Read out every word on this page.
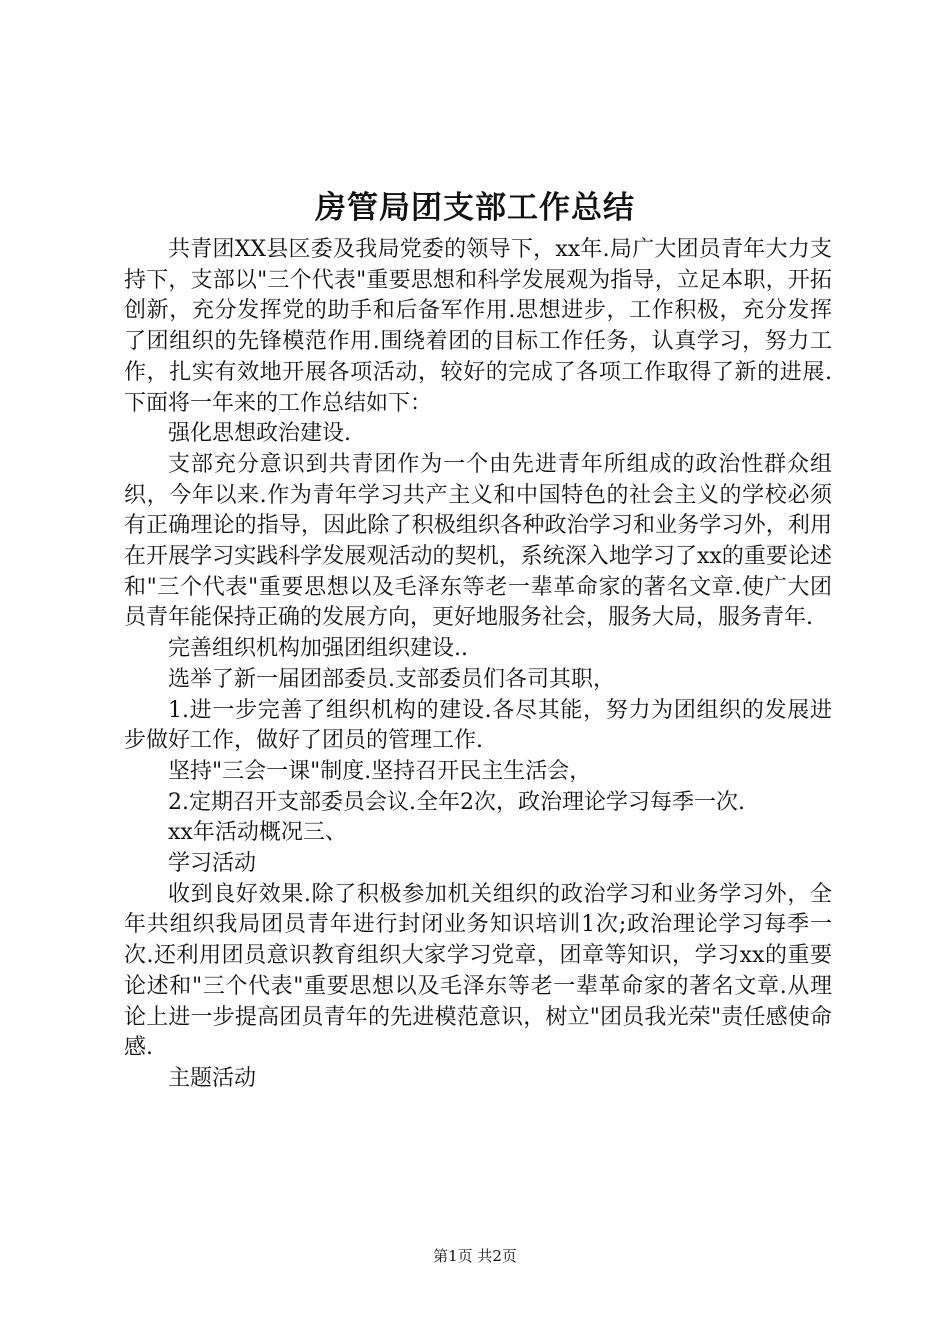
房管局团支部工作总结

共青团XX县区委及我局党委的领导下，xx年.局广大团员青年大力支持下，支部以"三个代表"重要思想和科学发展观为指导，立足本职，开拓创新，充分发挥党的助手和后备军作用.思想进步，工作积极，充分发挥了团组织的先锋模范作用.围绕着团的目标工作任务，认真学习，努力工作，扎实有效地开展各项活动，较好的完成了各项工作取得了新的进展.下面将一年来的工作总结如下：

强化思想政治建设.

支部充分意识到共青团作为一个由先进青年所组成的政治性群众组织，今年以来.作为青年学习共产主义和中国特色的社会主义的学校必须有正确理论的指导，因此除了积极组织各种政治学习和业务学习外，利用在开展学习实践科学发展观活动的契机，系统深入地学习了xx的重要论述和"三个代表"重要思想以及毛泽东等老一辈革命家的著名文章.使广大团员青年能保持正确的发展方向，更好地服务社会，服务大局，服务青年.

完善组织机构加强团组织建设..

选举了新一届团部委员.支部委员们各司其职，

1.进一步完善了组织机构的建设.各尽其能，努力为团组织的发展进步做好工作，做好了团员的管理工作.

坚持"三会一课"制度.坚持召开民主生活会，

2.定期召开支部委员会议.全年2次，政治理论学习每季一次.

xx年活动概况三、

学习活动

收到良好效果.除了积极参加机关组织的政治学习和业务学习外，全年共组织我局团员青年进行封闭业务知识培训1次;政治理论学习每季一次.还利用团员意识教育组织大家学习党章，团章等知识，学习xx的重要论述和"三个代表"重要思想以及毛泽东等老一辈革命家的著名文章.从理论上进一步提高团员青年的先进模范意识，树立"团员我光荣"责任感使命感.

主题活动

第1页 共2页
